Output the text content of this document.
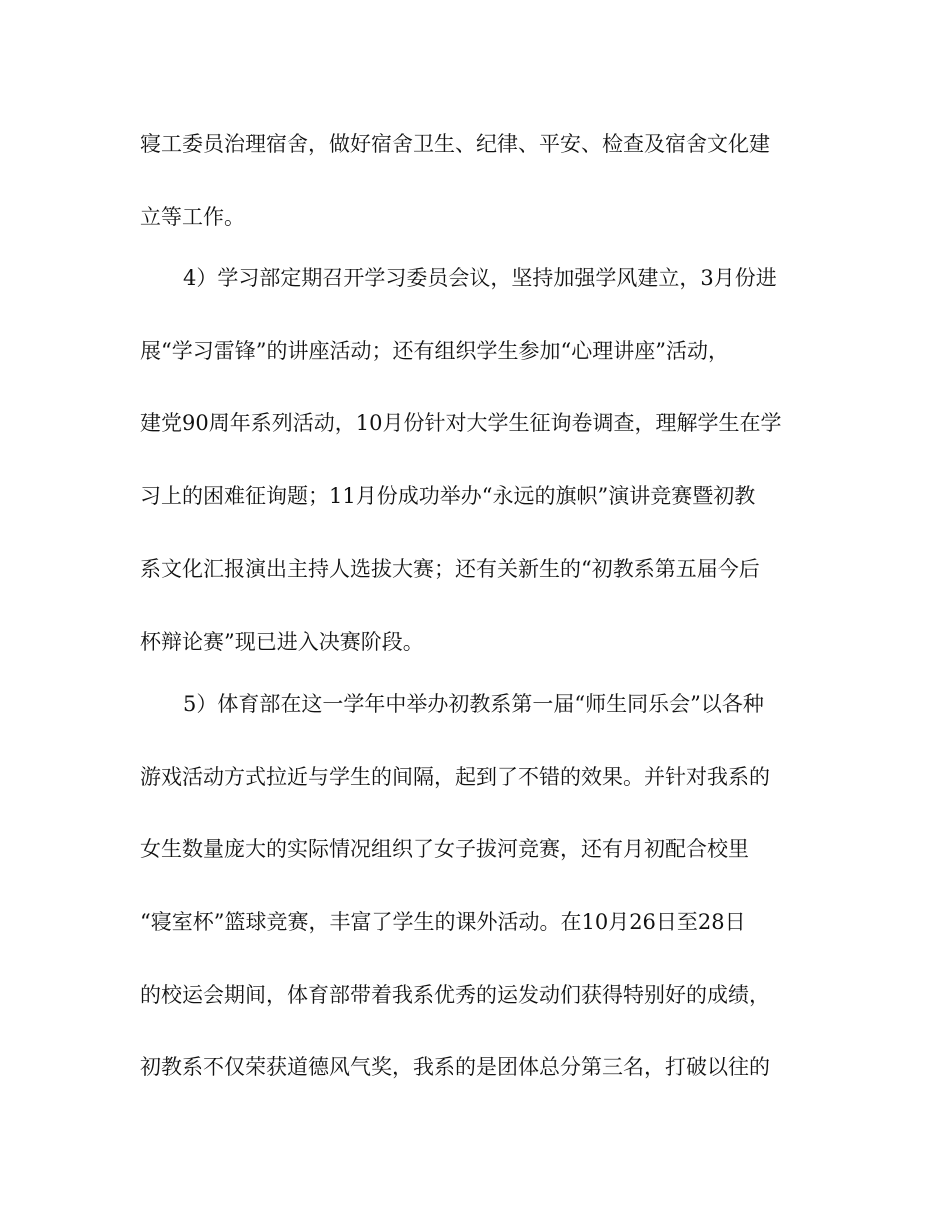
寝工委员治理宿舍，做好宿舍卫生、纪律、平安、检查及宿舍文化建
立等工作。
4）学习部定期召开学习委员会议，坚持加强学风建立，3月份进
展“学习雷锋”的讲座活动；还有组织学生参加“心理讲座”活动，
建党90周年系列活动，10月份针对大学生征询卷调查，理解学生在学
习上的困难征询题；11月份成功举办“永远的旗帜”演讲竞赛暨初教
系文化汇报演出主持人选拔大赛；还有关新生的“初教系第五届今后
杯辩论赛”现已进入决赛阶段。
5）体育部在这一学年中举办初教系第一届“师生同乐会”以各种
游戏活动方式拉近与学生的间隔，起到了不错的效果。并针对我系的
女生数量庞大的实际情况组织了女子拔河竞赛，还有月初配合校里
“寝室杯”篮球竞赛，丰富了学生的课外活动。在10月26日至28日
的校运会期间，体育部带着我系优秀的运发动们获得特别好的成绩，
初教系不仅荣获道德风气奖，我系的是团体总分第三名，打破以往的
